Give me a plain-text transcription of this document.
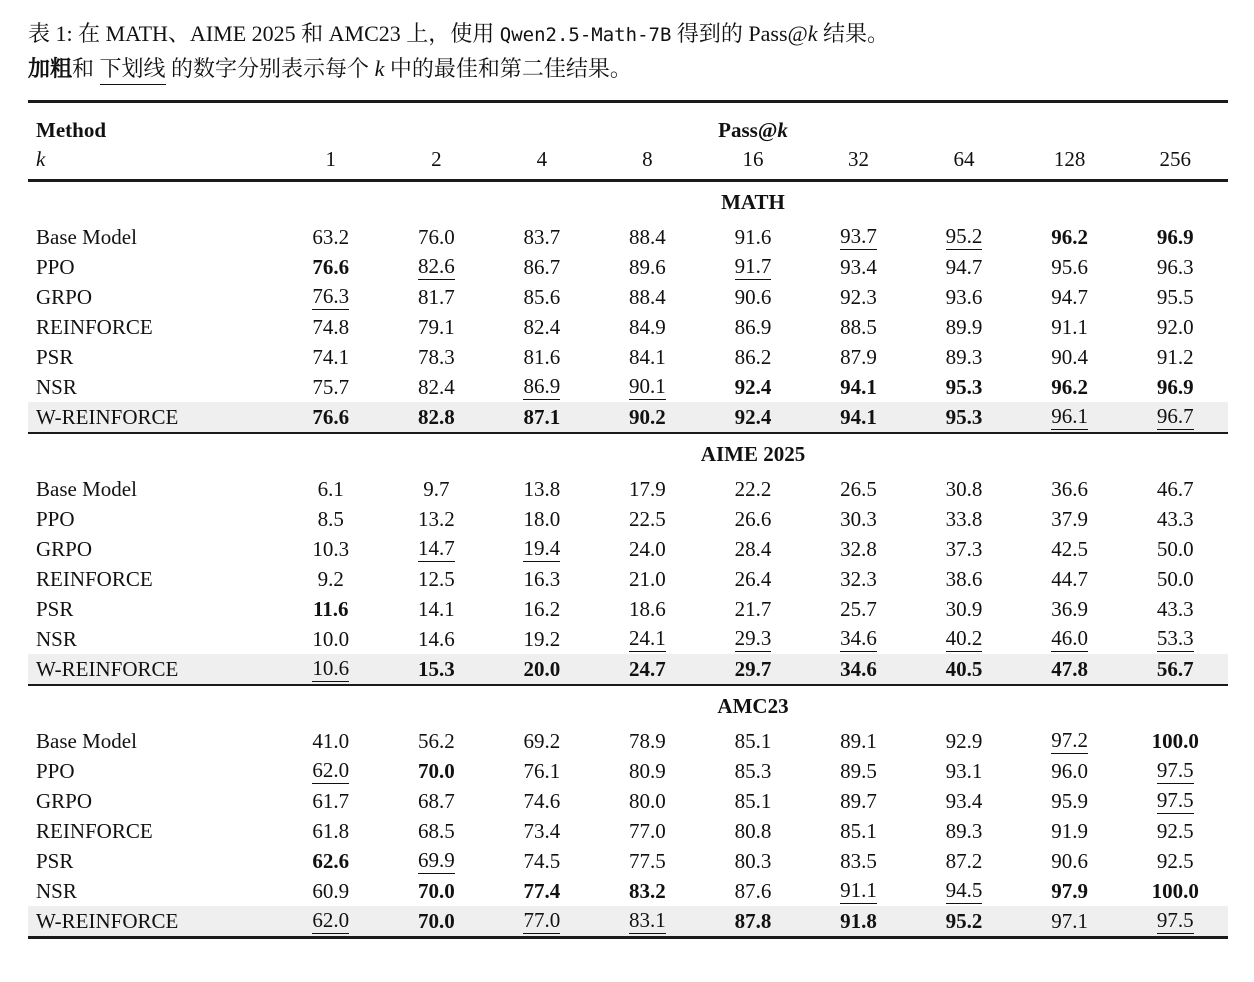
表 1: 在 MATH、AIME 2025 和 AMC23 上，使用 Qwen2.5-Math-7B 得到的 Pass@k 结果。
加粗和 下划线 的数字分别表示每个 k 中的最佳和第二佳结果。

Method	Pass@k								
k	1	2	4	8	16	32	64	128	256
	MATH								
Base Model	63.2	76.0	83.7	88.4	91.6	93.7	95.2	96.2	96.9
PPO	76.6	82.6	86.7	89.6	91.7	93.4	94.7	95.6	96.3
GRPO	76.3	81.7	85.6	88.4	90.6	92.3	93.6	94.7	95.5
REINFORCE	74.8	79.1	82.4	84.9	86.9	88.5	89.9	91.1	92.0
PSR	74.1	78.3	81.6	84.1	86.2	87.9	89.3	90.4	91.2
NSR	75.7	82.4	86.9	90.1	92.4	94.1	95.3	96.2	96.9
W-REINFORCE	76.6	82.8	87.1	90.2	92.4	94.1	95.3	96.1	96.7
	AIME 2025								
Base Model	6.1	9.7	13.8	17.9	22.2	26.5	30.8	36.6	46.7
PPO	8.5	13.2	18.0	22.5	26.6	30.3	33.8	37.9	43.3
GRPO	10.3	14.7	19.4	24.0	28.4	32.8	37.3	42.5	50.0
REINFORCE	9.2	12.5	16.3	21.0	26.4	32.3	38.6	44.7	50.0
PSR	11.6	14.1	16.2	18.6	21.7	25.7	30.9	36.9	43.3
NSR	10.0	14.6	19.2	24.1	29.3	34.6	40.2	46.0	53.3
W-REINFORCE	10.6	15.3	20.0	24.7	29.7	34.6	40.5	47.8	56.7
	AMC23								
Base Model	41.0	56.2	69.2	78.9	85.1	89.1	92.9	97.2	100.0
PPO	62.0	70.0	76.1	80.9	85.3	89.5	93.1	96.0	97.5
GRPO	61.7	68.7	74.6	80.0	85.1	89.7	93.4	95.9	97.5
REINFORCE	61.8	68.5	73.4	77.0	80.8	85.1	89.3	91.9	92.5
PSR	62.6	69.9	74.5	77.5	80.3	83.5	87.2	90.6	92.5
NSR	60.9	70.0	77.4	83.2	87.6	91.1	94.5	97.9	100.0
W-REINFORCE	62.0	70.0	77.0	83.1	87.8	91.8	95.2	97.1	97.5
